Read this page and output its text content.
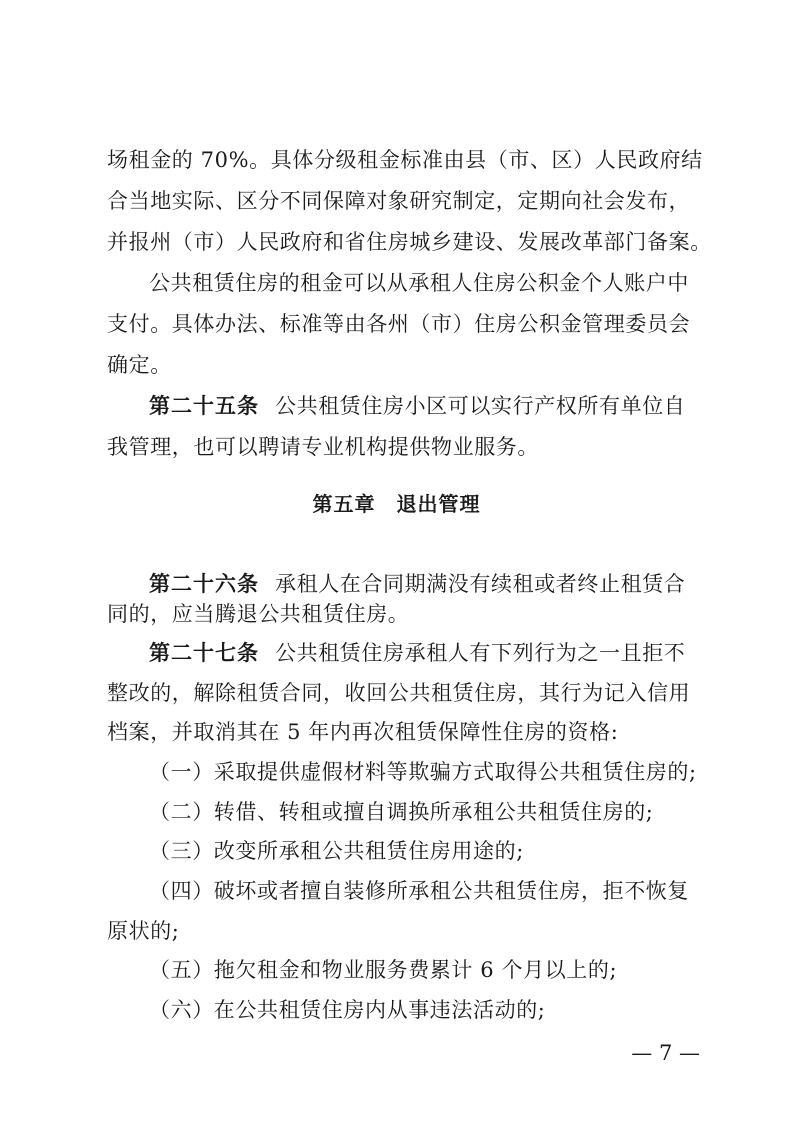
场租金的 70%。具体分级租金标准由县（市、区）人民政府结
合当地实际、区分不同保障对象研究制定，定期向社会发布，
并报州（市）人民政府和省住房城乡建设、发展改革部门备案。
公共租赁住房的租金可以从承租人住房公积金个人账户中
支付。具体办法、标准等由各州（市）住房公积金管理委员会
确定。
第二十五条 公共租赁住房小区可以实行产权所有单位自
我管理，也可以聘请专业机构提供物业服务。
第五章　退出管理
第二十六条 承租人在合同期满没有续租或者终止租赁合
同的，应当腾退公共租赁住房。
第二十七条 公共租赁住房承租人有下列行为之一且拒不
整改的，解除租赁合同，收回公共租赁住房，其行为记入信用
档案，并取消其在 5 年内再次租赁保障性住房的资格:
（一）采取提供虚假材料等欺骗方式取得公共租赁住房的;
（二）转借、转租或擅自调换所承租公共租赁住房的;
（三）改变所承租公共租赁住房用途的;
（四）破坏或者擅自装修所承租公共租赁住房，拒不恢复
原状的;
（五）拖欠租金和物业服务费累计 6 个月以上的;
（六）在公共租赁住房内从事违法活动的;
— 7 —
